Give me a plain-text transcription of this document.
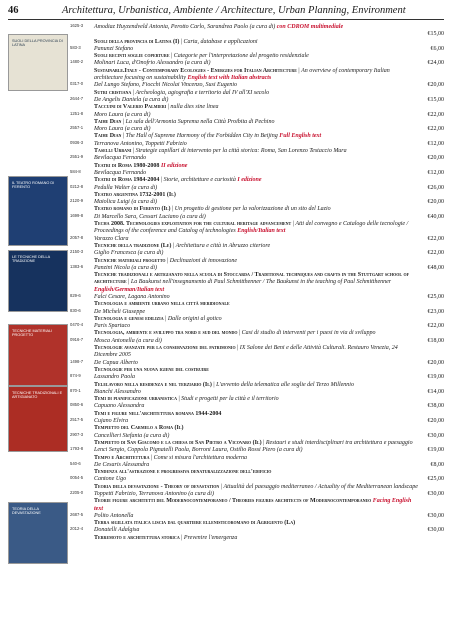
46	Architettura, Urbanistica, Ambiente / Architecture, Urban Planning, Environment
SUOLI DELLA PROVINCIA DI LATINA
IL TEATRO ROMANO DI FERENTO
LE TECNICHE DELLA TRADIZIONE
TECNICHE MATERIALI PROGETTO
TECNICHE TRADIZIONALI E ARTIGIANATO
TEORIA DELLA DEVASTAZIONE
1625-3	Amodiaz Huyzendveld Antonia, Perotto Carlo, Sarandrea Paolo (a cura di) con CDROM multimediale

Suoli della provincia di Latina (I) | Carta, database e applicazioni
€15,00
583-3	Panunzi Stefano
Suoli recinti soglie coperture | Categorie per l'interpretazione del progetto residenziale
€6,00
1480-2	Molinari Luca, d'Onofrio Alessandro (a cura di)
Sustainable.Italy - Contemporary Ecologies - Energies for Italian Architecture | An overview of contemporary Italian architecture focusing on sustainability English text with Italian abstracts
€24,00
0317-0	Del Lungo Stefano, Fiocchi Nicolai Vincenzo, Susi Eugenio
Sutri cristiana | Archeologia, agiografia e territorio dal IV all'XI secolo
€20,00
2644-7	De Angelis Daniela (a cura di)
Taccuini di Valerio Palmieri | nulla dies sine linea
€15,00
1251-8	Moro Laura (a cura di)
Taihe Dian | La sala dell'Armonia Suprema nella Città Proibita di Pechino
€22,00
2557-1	Moro Laura (a cura di)
Taihe Dian | The Hall of Supreme Harmony of the Forbidden City in Beijing Full English text
€22,00
0936-3	Terranova Antonino, Toppetti Fabrizio
Taselli Urbani | Strategie capillari di intervento per la città storica: Roma, San Lorenzo Testaccio Mura
€12,00
2551-9	Bevilacqua Fernando
Teatri di Roma 1980-2008 II edizione
€20,00
584-8	Bevilacqua Fernando
Teatri di Roma 1984-2004 | Storie, architetture e curiosità I edizione
€12,00
0212-8	Pedulla Walter (a cura di)
Teatro argentina 1732-2001 (Il)
€26,00
2120-9	Maiolica Luigi (a cura di)
Teatro romano di Ferento (Il) | Un progetto di gestione per la valorizzazione di un sito del Lazio
€20,00
1699-8	Di Marcello Sara, Cessari Luciano (a cura di)
Techa 2008. Technologies exploitation for the cultural heritage advancement | Atti del convegno e Catalogo delle tecnologie / Proceedings of the conference and Catalog of technologies English/Italian text
€40,00
2057-8	Varazzo Clara
Tecniche della tradizione (Le) | Architettura e città in Abruzzo citeriore
€22,00
2150-3	Giglio Francesca (a cura di)
Tecniche materiali progetto | Declinazioni di innovazione
€22,00
1383-6	Panzini Nicola (a cura di)
Tecniche tradizionali e artigianato nella scuola di Stoccarda / Traditional techniques and crafts in the Stuttgart school of architecture | La Baukunst nell'insegnamento di Paul Schmitthenner / The Baukunst in the teaching of Paul Schmitthenner English/German/Italian text
€48,00
829-6	Falci Cesare, Lagana Antonino
Tecnologia e ambiente urbano nella città meridionale
€25,00
830-6	De Micheli Giuseppe
Tecnologia e genesi edilizia | Dalle origini al gotico
€23,00
0470-4	Paris Spartaco
Tecnologia, ambiente e sviluppo tra nord e sud del mondo | Casi di studio di interventi per i paesi in via di sviluppo
€22,00
0916-7	Mosca Antonella (a cura di)
Tecnologie avanzate per la conservazione del patrimonio | IX Salone dei Beni e delle Attività Culturali. Restauro Venezia, 24 Dicembre 2005
€18,00
1498-7	De Capua Alberto
Tecnologie per una nuova igiene del costruire
€20,00
874-9	Lassandro Paola
Telelavoro nella residenza e nel terziario (Il) | L'avvento della telematica alle soglie del Terzo Millennio
€19,00
870-1	Bianchi Alessandro
Temi di pianificazione urbanistica | Studi e progetti per la città e il territorio
€14,00
0850-6	Capuano Alessandra
Temi e figure nell'architettura romana 1944-2004
€38,00
2517-5	Cujano Elvira
Tempietto del Carmelo a Roma (Il)
€20,00
2907-3	Cancellieri Stefania (a cura di)
Tempietto di San Giacomo e la chiesa di San Pietro a Vicovaro (Il) | Restauri e studi interdisciplinari tra architettura e paesaggio
€30,00
1793-8	Lenci Sergio, Coppola Pignatelli Paola, Borroni Laura, Ostilio Rossi Piero (a cura di)
Tempo e Architettura | Come si misura l'architettura moderna
€19,00
540-6	De Cesaris Alessandra
Tendenza all'astrazione e progressiva denaturalizzazione dell'edificio
€8,00
0054-5	Cantone Ugo
Teoria della devastazione - Theory of devastation | Attualità del paesaggio mediterraneo / Actuality of the Mediterranean landscape
€25,00
2205-0	Toppetti Fabrizio, Terranova Antonino (a cura di)
Teorie figure architetti del Modernocontemporaneo / Theories figures architects of Modernocontemporaneo Facing English text
€30,00
2687-5	Polito Antonella
Terra sigillata italica liscia dal quartiere ellenisticoromano di Agrigento (La)
€30,00
2012-4	Donatelli Adalgisa
Terremoto e architettura storica | Prevenire l'emergenza
€30,00
